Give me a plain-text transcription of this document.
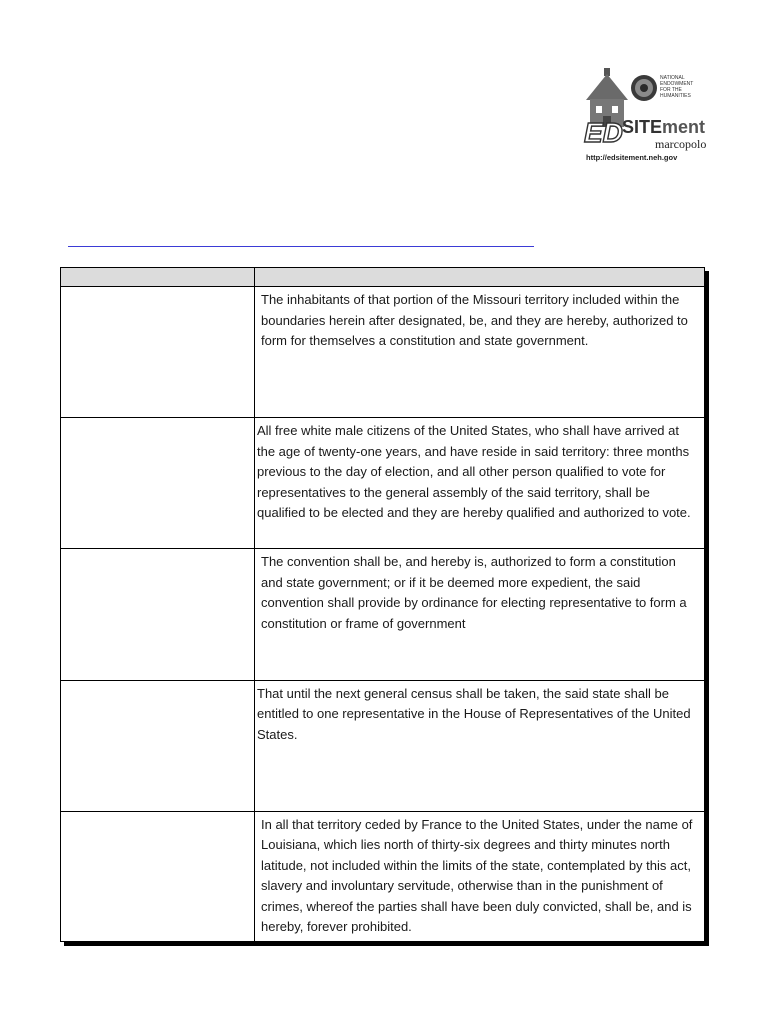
NATIONAL
ENDOWMENT
FOR THE
HUMANITIES
ED SITE ment
marcopolo
http://edsitement.neh.gov

	The inhabitants of that portion of the Missouri territory included within the boundaries herein after designated, be, and they are hereby, authorized to form for themselves a constitution and state government.

	All free white male citizens of the United States, who shall have arrived at the age of twenty-one years, and have reside in said territory: three months previous to the day of election, and all other person qualified to vote for representatives to the general assembly of the said territory, shall be qualified to be elected and they are hereby qualified and authorized to vote.

	The convention shall be, and hereby is, authorized to form a constitution and state government; or if it be deemed more expedient, the said convention shall provide by ordinance for electing representative to form a constitution or frame of government

	That until the next general census shall be taken, the said state shall be entitled to one representative in the House of Representatives of the United States.

	In all that territory ceded by France to the United States, under the name of Louisiana, which lies north of thirty-six degrees and thirty minutes north latitude, not included within the limits of the state, contemplated by this act, slavery and involuntary servitude, otherwise than in the punishment of crimes, whereof the parties shall have been duly convicted, shall be, and is hereby, forever prohibited.
